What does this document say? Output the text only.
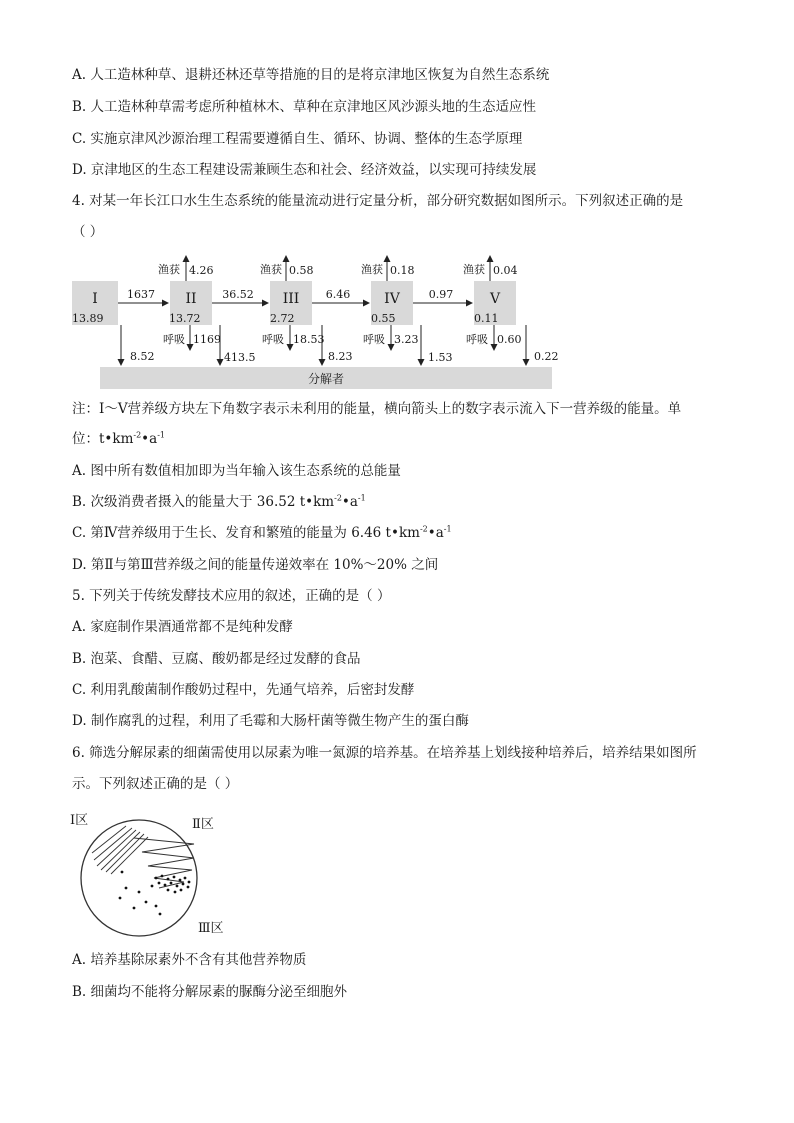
A. 人工造林种草、退耕还林还草等措施的目的是将京津地区恢复为自然生态系统
B. 人工造林种草需考虑所种植林木、草种在京津地区风沙源头地的生态适应性
C. 实施京津风沙源治理工程需要遵循自生、循环、协调、整体的生态学原理
D. 京津地区的生态工程建设需兼顾生态和社会、经济效益，以实现可持续发展
4. 对某一年长江口水生生态系统的能量流动进行定量分析，部分研究数据如图所示。下列叙述正确的是
（ ）
分解者
I	II	III	IV	V
13.89	13.72	2.72	0.55	0.11
1637	36.52	6.46	0.97
渔获	渔获	渔获	渔获
4.26	0.58	0.18	0.04
呼吸	呼吸	呼吸	呼吸
1169	18.53	3.23	0.60
8.52	413.5	8.23	1.53	0.22
注：Ⅰ～Ⅴ营养级方块左下角数字表示未利用的能量，横向箭头上的数字表示流入下一营养级的能量。单
位：$t•km^{-2}•a^{-1}$
A. 图中所有数值相加即为当年输入该生态系统的总能量
B. 次级消费者摄入的能量大于 36.52 $t•km^{-2}•a^{-1}$
C. 第Ⅳ营养级用于生长、发育和繁殖的能量为 6.46 $t•km^{-2}•a^{-1}$
D. 第Ⅱ与第Ⅲ营养级之间的能量传递效率在 10%～20% 之间
5. 下列关于传统发酵技术应用的叙述，正确的是（ ）
A. 家庭制作果酒通常都不是纯种发酵
B. 泡菜、食醋、豆腐、酸奶都是经过发酵的食品
C. 利用乳酸菌制作酸奶过程中，先通气培养，后密封发酵
D. 制作腐乳的过程，利用了毛霉和大肠杆菌等微生物产生的蛋白酶
6. 筛选分解尿素的细菌需使用以尿素为唯一氮源的培养基。在培养基上划线接种培养后，培养结果如图所
示。下列叙述正确的是（ ）
Ⅰ区	Ⅱ区
Ⅲ区
A. 培养基除尿素外不含有其他营养物质
B. 细菌均不能将分解尿素的脲酶分泌至细胞外
